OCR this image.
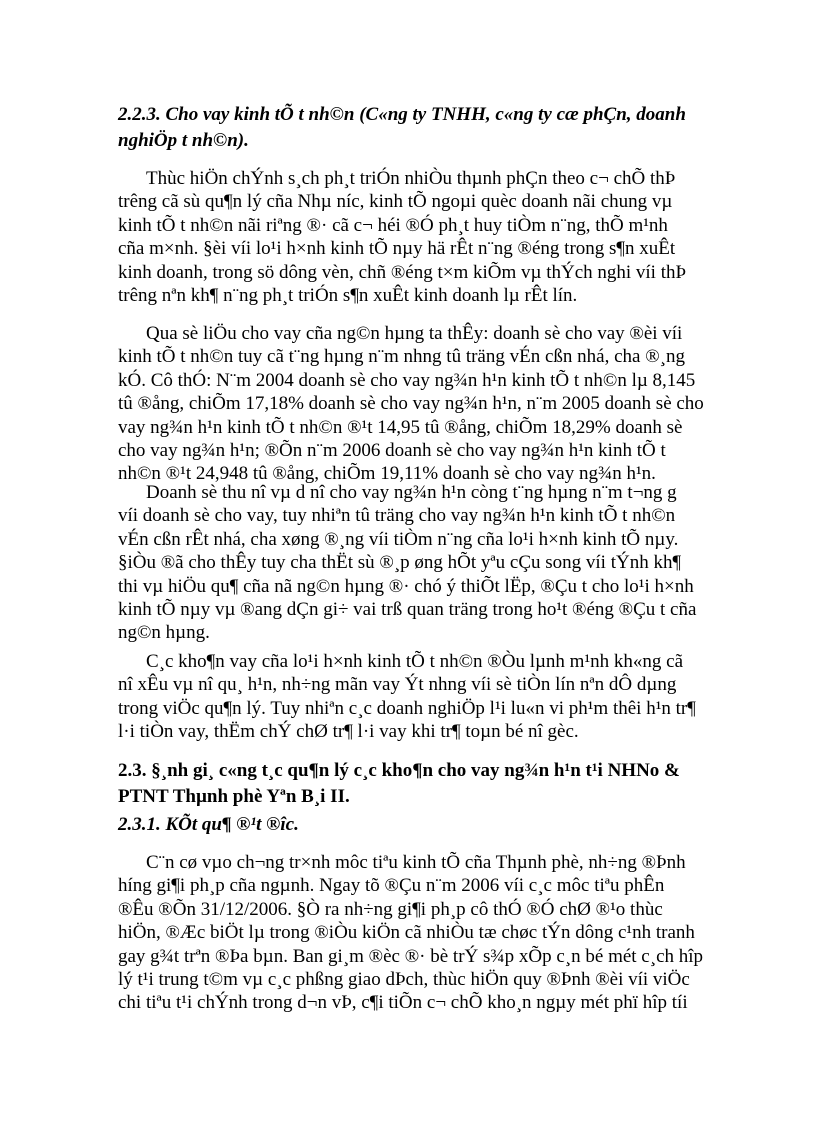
2.2.3. Cho vay kinh tÕ t nh©n (C«ng ty TNHH, c«ng ty cæ phÇn, doanh
nghiÖp t nh©n).
Thùc hiÖn chÝnh s¸ch ph¸t triÓn nhiÒu thµnh phÇn theo c¬ chÕ thÞ
trêng cã sù qu¶n lý cña Nhµ níc, kinh tÕ ngoµi quèc doanh nãi chung vµ
kinh tÕ t nh©n nãi riªng ®· cã c¬ héi ®Ó ph¸t huy tiÒm n¨ng, thÕ m¹nh
cña m×nh. §èi víi lo¹i h×nh kinh tÕ nµy hä rÊt n¨ng ®éng trong s¶n xuÊt
kinh doanh, trong sö dông vèn, chñ ®éng t×m kiÕm vµ thÝch nghi víi thÞ
trêng nªn kh¶ n¨ng ph¸t triÓn s¶n xuÊt kinh doanh lµ rÊt lín.
Qua sè liÖu cho vay cña ng©n hµng ta thÊy: doanh sè cho vay ®èi víi
kinh tÕ t nh©n tuy cã t¨ng hµng n¨m nhng tû träng vÉn cßn nhá, cha ®¸ng
kÓ. Cô thÓ: N¨m 2004 doanh sè cho vay ng¾n h¹n kinh tÕ t nh©n lµ 8,145
tû ®ång, chiÕm 17,18% doanh sè cho vay ng¾n h¹n, n¨m 2005 doanh sè cho
vay ng¾n h¹n kinh tÕ t nh©n ®¹t 14,95 tû ®ång, chiÕm 18,29% doanh sè
cho vay ng¾n h¹n; ®Õn n¨m 2006 doanh sè cho vay ng¾n h¹n kinh tÕ t
nh©n ®¹t 24,948 tû ®ång, chiÕm 19,11% doanh sè cho vay ng¾n h¹n.
Doanh sè thu nî vµ d nî cho vay ng¾n h¹n còng t¨ng hµng n¨m t¬ng g
víi doanh sè cho vay, tuy nhiªn tû träng cho vay ng¾n h¹n kinh tÕ t nh©n
vÉn cßn rÊt nhá, cha xøng ®¸ng víi tiÒm n¨ng cña lo¹i h×nh kinh tÕ nµy.
§iÒu ®ã cho thÊy tuy cha thËt sù ®¸p øng hÕt yªu cÇu song víi tÝnh kh¶
thi vµ hiÖu qu¶ cña nã ng©n hµng ®· chó ý thiÕt lËp, ®Çu t cho lo¹i h×nh
kinh tÕ nµy vµ ®ang dÇn gi÷ vai trß quan träng trong ho¹t ®éng ®Çu t cña
ng©n hµng.
C¸c kho¶n vay cña lo¹i h×nh kinh tÕ t nh©n ®Òu lµnh m¹nh kh«ng cã
nî xÊu vµ nî qu¸ h¹n, nh÷ng mãn vay Ýt nhng víi sè tiÒn lín nªn dÔ dµng
trong viÖc qu¶n lý. Tuy nhiªn c¸c doanh nghiÖp l¹i lu«n vi ph¹m thêi h¹n tr¶
l·i tiÒn vay, thËm chÝ chØ tr¶ l·i vay khi tr¶ toµn bé nî gèc.
2.3. §¸nh gi¸ c«ng t¸c qu¶n lý c¸c kho¶n cho vay ng¾n h¹n t¹i NHNo &
PTNT Thµnh phè Yªn B¸i II.
2.3.1. KÕt qu¶ ®¹t ®îc.
C¨n cø vµo ch¬ng tr×nh môc tiªu kinh tÕ cña Thµnh phè, nh÷ng ®Þnh
híng gi¶i ph¸p cña ngµnh. Ngay tõ ®Çu n¨m 2006 víi c¸c môc tiªu phÊn
®Êu ®Õn 31/12/2006. §Ò ra nh÷ng gi¶i ph¸p cô thÓ ®Ó chØ ®¹o thùc
hiÖn, ®Æc biÖt lµ trong ®iÒu kiÖn cã nhiÒu tæ chøc tÝn dông c¹nh tranh
gay g¾t trªn ®Þa bµn. Ban gi¸m ®èc ®· bè trÝ s¾p xÕp c¸n bé mét c¸ch hîp
lý t¹i trung t©m vµ c¸c phßng giao dÞch, thùc hiÖn quy ®Þnh ®èi víi viÖc
chi tiªu t¹i chÝnh trong d¬n vÞ, c¶i tiÕn c¬ chÕ kho¸n ngµy mét phï hîp tíi
